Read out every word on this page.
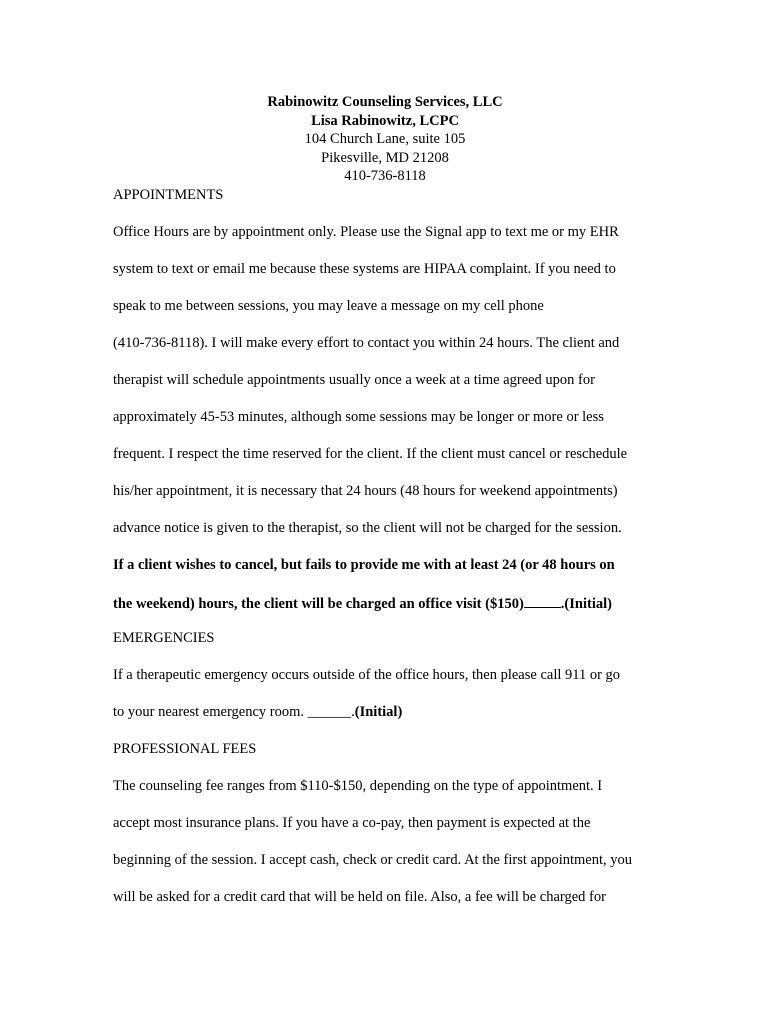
Rabinowitz Counseling Services, LLC
Lisa Rabinowitz, LCPC
104 Church Lane, suite 105
Pikesville, MD 21208
410-736-8118
APPOINTMENTS
Office Hours are by appointment only. Please use the Signal app to text me or my EHR
system to text or email me because these systems are HIPAA complaint. If you need to
speak to me between sessions, you may leave a message on my cell phone
(410-736-8118). I will make every effort to contact you within 24 hours. The client and
therapist will schedule appointments usually once a week at a time agreed upon for
approximately 45-53 minutes, although some sessions may be longer or more or less
frequent. I respect the time reserved for the client. If the client must cancel or reschedule
his/her appointment, it is necessary that 24 hours (48 hours for weekend appointments)
advance notice is given to the therapist, so the client will not be charged for the session.
If a client wishes to cancel, but fails to provide me with at least 24 (or 48 hours on
the weekend) hours, the client will be charged an office visit ($150)	.(Initial)
EMERGENCIES
If a therapeutic emergency occurs outside of the office hours, then please call 911 or go
to your nearest emergency room. ______.(Initial)
PROFESSIONAL FEES
The counseling fee ranges from $110-$150, depending on the type of appointment. I
accept most insurance plans. If you have a co-pay, then payment is expected at the
beginning of the session. I accept cash, check or credit card. At the first appointment, you
will be asked for a credit card that will be held on file. Also, a fee will be charged for
